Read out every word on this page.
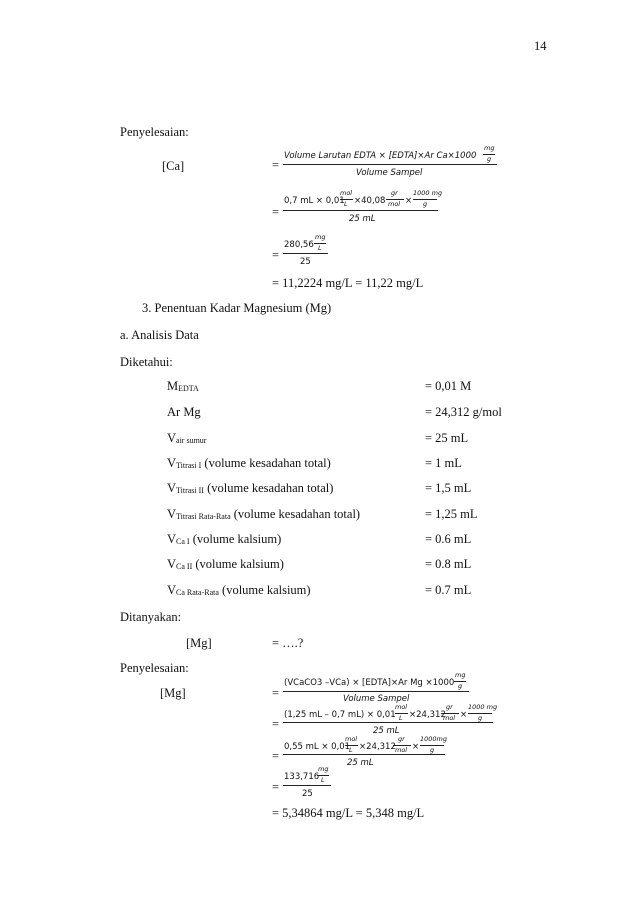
14
Penyelesaian:
[Ca]	=
Volume Larutan EDTA × [EDTA]×Ar Ca×1000
mg
g
Volume Sampel
=
0,7 mL × 0,01
mol
L ×40,08
gr
mol ×
1000 mg
g
25 mL
=
280,56
mg
L
25
= 11,2224 mg/L = 11,22 mg/L
3. Penentuan Kadar Magnesium (Mg)
a. Analisis Data
Diketahui:
$M_{EDTA}$	= 0,01 M
Ar Mg	= 24,312 g/mol
$V_{air sumur}$	= 25 mL
$V_{Titrasi I}$ (volume kesadahan total)	= 1 mL
$V_{Titrasi II}$ (volume kesadahan total)	= 1,5 mL
$V_{Titrasi Rata-Rata}$ (volume kesadahan total)	= 1,25 mL
$V_{Ca I}$ (volume kalsium)	= 0.6 mL
$V_{Ca II}$ (volume kalsium)	= 0.8 mL
$V_{Ca Rata-Rata}$ (volume kalsium)	= 0.7 mL
Ditanyakan:
[Mg]	= ….?
Penyelesaian:
[Mg]	=
(VCaCO3 –VCa) × [EDTA]×Ar Mg ×1000
mg
g
Volume Sampel
=
(1,25 mL – 0,7 mL) × 0,01
mol
L ×24,312
gr
mol ×
1000 mg
g
25 mL
=
0,55 mL × 0,01
mol
L ×24,312
gr
mol ×
1000mg
g
25 mL
=
133,716
mg
L
25
= 5,34864 mg/L = 5,348 mg/L
